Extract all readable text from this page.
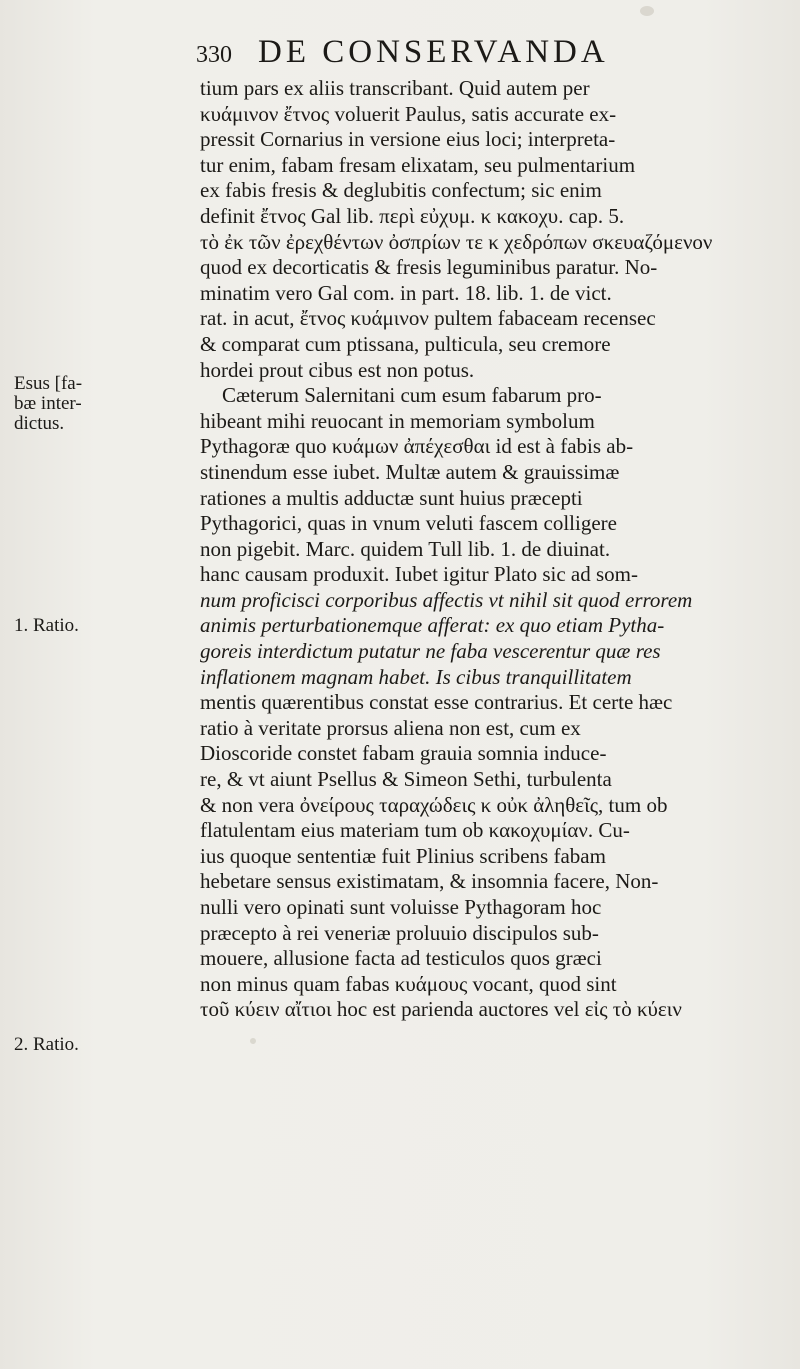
330 DE CONSERVANDA
Esus [fa-
bæ inter-
dictus.
1. Ratio.
2. Ratio.
tium pars ex aliis transcribant. Quid autem per
κυάμινον ἔτνος voluerit Paulus, satis accurate ex-
pressit Cornarius in versione eius loci; interpreta-
tur enim, fabam fresam elixatam, seu pulmentarium
ex fabis fresis & deglubitis confectum; sic enim
definit ἔτνος Gal lib. περὶ εὐχυμ. κ κακοχυ. cap. 5.
τὸ ἐκ τῶν ἐρεχθέντων ὀσπρίων τε κ χεδρόπων σκευαζόμενον
quod ex decorticatis & fresis leguminibus paratur. No-
minatim vero Gal com. in part. 18. lib. 1. de vict.
rat. in acut, ἔτνος κυάμινον pultem fabaceam recensec
& comparat cum ptissana, pulticula, seu cremore
hordei prout cibus est non potus.
Cæterum Salernitani cum esum fabarum pro-
hibeant mihi reuocant in memoriam symbolum
Pythagoræ quo κυάμων ἀπέχεσθαι id est à fabis ab-
stinendum esse iubet. Multæ autem & grauissimæ
rationes a multis adductæ sunt huius præcepti
Pythagorici, quas in vnum veluti fascem colligere
non pigebit. Marc. quidem Tull lib. 1. de diuinat.
hanc causam produxit. Iubet igitur Plato sic ad som-
num proficisci corporibus affectis vt nihil sit quod errorem
animis perturbationemque afferat: ex quo etiam Pytha-
goreis interdictum putatur ne faba vescerentur quæ res
inflationem magnam habet. Is cibus tranquillitatem
mentis quærentibus constat esse contrarius. Et certe hæc
ratio à veritate prorsus aliena non est, cum ex
Dioscoride constet fabam grauia somnia induce-
re, & vt aiunt Psellus & Simeon Sethi, turbulenta
& non vera ὀνείρους ταραχώδεις κ οὐκ ἀληθεῖς, tum ob
flatulentam eius materiam tum ob κακοχυμίαν. Cu-
ius quoque sententiæ fuit Plinius scribens fabam
hebetare sensus existimatam, & insomnia facere, Non-
nulli vero opinati sunt voluisse Pythagoram hoc
præcepto à rei veneriæ proluuio discipulos sub-
mouere, allusione facta ad testiculos quos græci
non minus quam fabas κυάμους vocant, quod sint
τοῦ κύειν αἴτιοι hoc est parienda auctores vel εἰς τὸ κύειν
